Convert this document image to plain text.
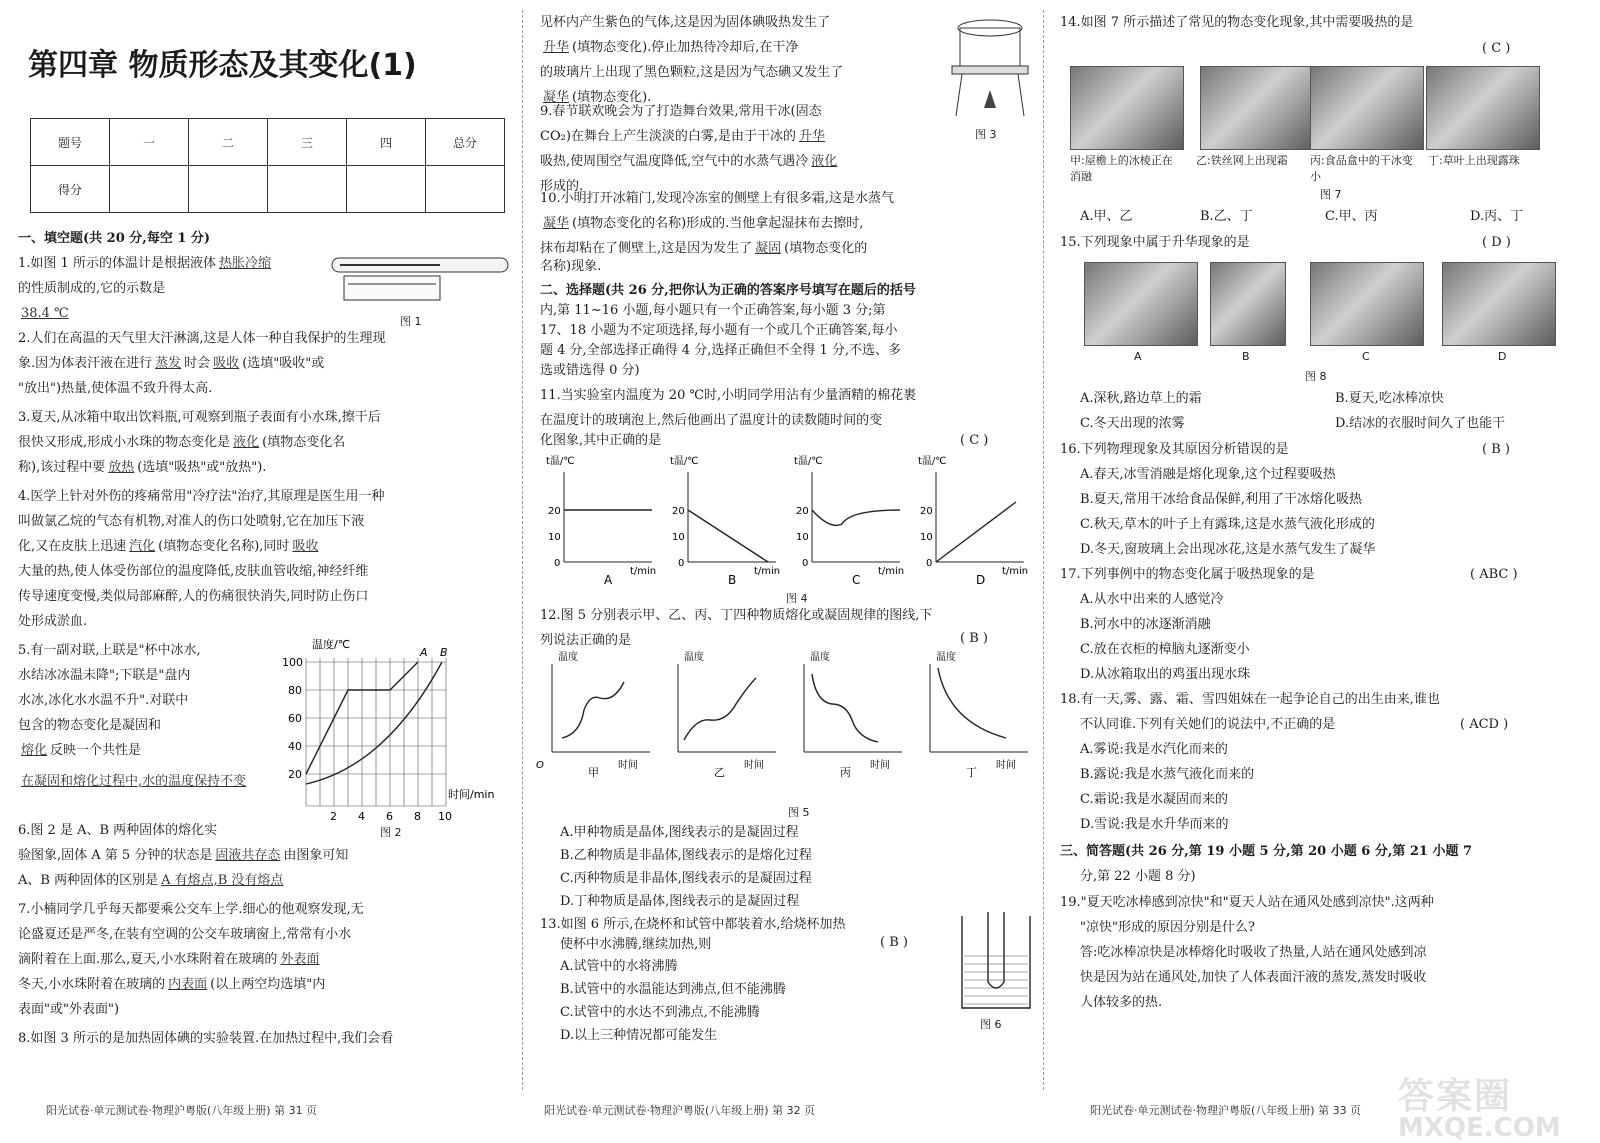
第四章 物质形态及其变化(1)
题号	一	二	三	四	总分
得分					
一、填空题(共 20 分,每空 1 分)
1.如图 1 所示的体温计是根据液体 热胀冷缩
的性质制成的,它的示数是
38.4 ℃
图 1
2.人们在高温的天气里大汗淋漓,这是人体一种自我保护的生理现
象.因为体表汗液在进行 蒸发 时会 吸收 (选填"吸收"或
"放出")热量,使体温不致升得太高.
3.夏天,从冰箱中取出饮料瓶,可观察到瓶子表面有小水珠,擦干后
很快又形成,形成小水珠的物态变化是 液化 (填物态变化名
称),该过程中要 放热 (选填"吸热"或"放热").
4.医学上针对外伤的疼痛常用"冷疗法"治疗,其原理是医生用一种
叫做氯乙烷的气态有机物,对准人的伤口处喷射,它在加压下液
化,又在皮肤上迅速 汽化 (填物态变化名称),同时 吸收
大量的热,使人体受伤部位的温度降低,皮肤血管收缩,神经纤维
传导速度变慢,类似局部麻醉,人的伤痛很快消失,同时防止伤口
处形成淤血.
5.有一副对联,上联是"杯中冰水,
水结冰冰温未降";下联是"盘内
水冰,冰化水水温不升".对联中
包含的物态变化是凝固和
熔化 反映一个共性是
在凝固和熔化过程中,水的温度保持不变
温度/℃
100
80
60
40
20
2 4 6 8 10
时间/min
A B
图 2
6.图 2 是 A、B 两种固体的熔化实
验图象,固体 A 第 5 分钟的状态是 固液共存态 由图象可知
A、B 两种固体的区别是 A 有熔点,B 没有熔点
7.小楠同学几乎每天都要乘公交车上学.细心的他观察发现,无
论盛夏还是严冬,在装有空调的公交车玻璃窗上,常常有小水
滴附着在上面.那么,夏天,小水珠附着在玻璃的 外表面
冬天,小水珠附着在玻璃的 内表面 (以上两空均选填"内
表面"或"外表面")
8.如图 3 所示的是加热固体碘的实验装置.在加热过程中,我们会看
阳光试卷·单元测试卷·物理沪粤版(八年级上册) 第 31 页
见杯内产生紫色的气体,这是因为固体碘吸热发生了
升华 (填物态变化).停止加热待冷却后,在干净
的玻璃片上出现了黑色颗粒,这是因为气态碘又发生了
凝华 (填物态变化).
图 3
9.春节联欢晚会为了打造舞台效果,常用干冰(固态
CO₂)在舞台上产生淡淡的白雾,是由于干冰的 升华
吸热,使周围空气温度降低,空气中的水蒸气遇冷 液化
形成的.
10.小明打开冰箱门,发现冷冻室的侧壁上有很多霜,这是水蒸气
凝华 (填物态变化的名称)形成的.当他拿起湿抹布去擦时,
抹布却粘在了侧壁上,这是因为发生了 凝固 (填物态变化的
名称)现象.
二、选择题(共 26 分,把你认为正确的答案序号填写在题后的括号
内,第 11~16 小题,每小题只有一个正确答案,每小题 3 分;第
17、18 小题为不定项选择,每小题有一个或几个正确答案,每小
题 4 分,全部选择正确得 4 分,选择正确但不全得 1 分,不选、多
选或错选得 0 分)
11.当实验室内温度为 20 ℃时,小明同学用沾有少量酒精的棉花裹
在温度计的玻璃泡上,然后他画出了温度计的读数随时间的变
化图象,其中正确的是	( C )
t温/℃
20
10
0
t/min
A
t温/℃
20
10
0
t/min
B
t温/℃
20
10
0
t/min
C
t温/℃
20
10
0
t/min
D
图 4
12.图 5 分别表示甲、乙、丙、丁四种物质熔化或凝固规律的图线,下
列说法正确的是	( B )
温度
O
甲
时间
温度
乙
时间
温度
丙
时间
温度
丁
时间
图 5
A.甲种物质是晶体,图线表示的是凝固过程
B.乙种物质是非晶体,图线表示的是熔化过程
C.丙种物质是非晶体,图线表示的是凝固过程
D.丁种物质是晶体,图线表示的是凝固过程
13.如图 6 所示,在烧杯和试管中都装着水,给烧杯加热
使杯中水沸腾,继续加热,则	( B )
A.试管中的水将沸腾
B.试管中的水温能达到沸点,但不能沸腾
C.试管中的水达不到沸点,不能沸腾
D.以上三种情况都可能发生
图 6
阳光试卷·单元测试卷·物理沪粤版(八年级上册) 第 32 页
14.如图 7 所示描述了常见的物态变化现象,其中需要吸热的是
( C )
甲:屋檐上的冰棱正在消融
乙:铁丝网上出现霜	丙:食品盒中的干冰变小
丁:草叶上出现露珠
图 7
A.甲、乙	B.乙、丁	C.甲、丙	D.丙、丁
15.下列现象中属于升华现象的是	( D )
A	B	C	D
图 8
A.深秋,路边草上的霜	B.夏天,吃冰棒凉快
C.冬天出现的浓雾	D.结冰的衣服时间久了也能干
16.下列物理现象及其原因分析错误的是	( B )
A.春天,冰雪消融是熔化现象,这个过程要吸热
B.夏天,常用干冰给食品保鲜,利用了干冰熔化吸热
C.秋天,草木的叶子上有露珠,这是水蒸气液化形成的
D.冬天,窗玻璃上会出现冰花,这是水蒸气发生了凝华
17.下列事例中的物态变化属于吸热现象的是	( ABC )
A.从水中出来的人感觉冷
B.河水中的冰逐渐消融
C.放在衣柜的樟脑丸逐渐变小
D.从冰箱取出的鸡蛋出现水珠
18.有一天,雾、露、霜、雪四姐妹在一起争论自己的出生由来,谁也
不认同谁.下列有关她们的说法中,不正确的是	( ACD )
A.雾说:我是水汽化而来的
B.露说:我是水蒸气液化而来的
C.霜说:我是水凝固而来的
D.雪说:我是水升华而来的
三、简答题(共 26 分,第 19 小题 5 分,第 20 小题 6 分,第 21 小题 7
分,第 22 小题 8 分)
19."夏天吃冰棒感到凉快"和"夏天人站在通风处感到凉快".这两种
"凉快"形成的原因分别是什么?
答:吃冰棒凉快是冰棒熔化时吸收了热量,人站在通风处感到凉
快是因为站在通风处,加快了人体表面汗液的蒸发,蒸发时吸收
人体较多的热.
阳光试卷·单元测试卷·物理沪粤版(八年级上册) 第 33 页 答案圈
MXQE.COM
